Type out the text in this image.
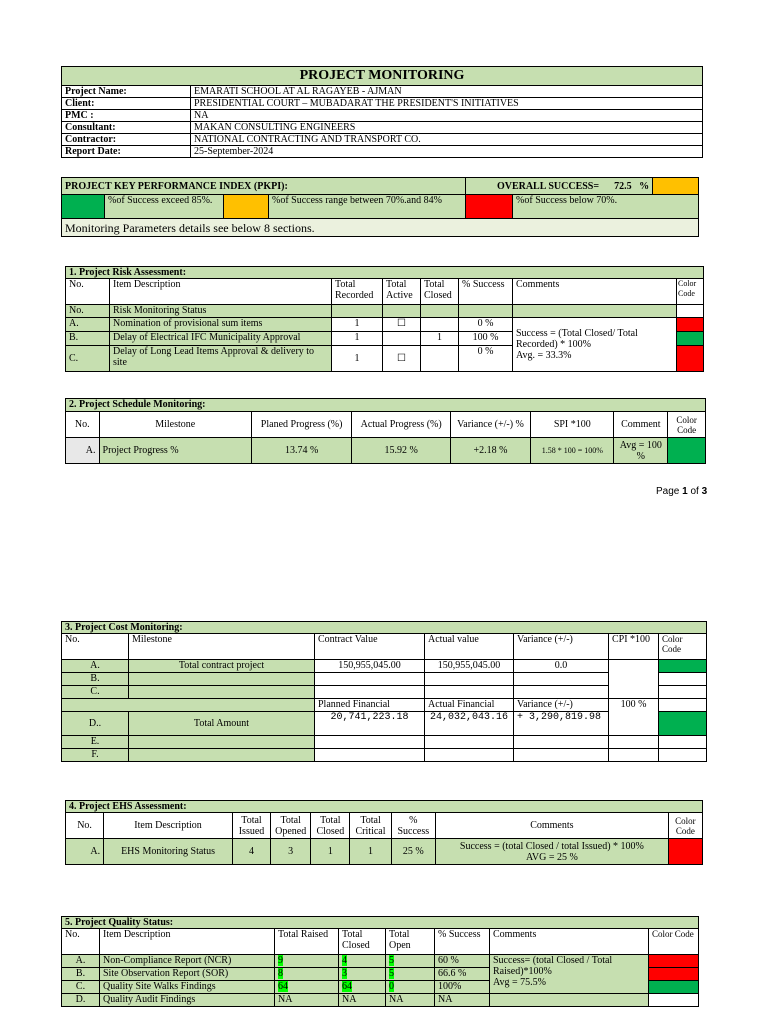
PROJECT MONITORING	
Project Name:	EMARATI SCHOOL AT AL RAGAYEB - AJMAN
Client:	PRESIDENTIAL COURT – MUBADARAT THE PRESIDENT'S INITIATIVES
PMC :	NA
Consultant:	MAKAN CONSULTING ENGINEERS
Contractor:	NATIONAL CONTRACTING AND TRANSPORT CO.
Report Date:	25-September-2024
PROJECT KEY PERFORMANCE INDEX (PKPI):				OVERALL SUCCESS= 72.5 %		
	%of Success exceed 85%.		%of Success range between 70%.and 84%		%of Success below 70%.	
Monitoring Parameters details see below 8 sections.						
1. Project Risk Assessment:							
No.	Item Description	Total Recorded	Total Active	Total Closed	% Success	Comments	Color Code
No.	Risk Monitoring Status						
A.	Nomination of provisional sum items	1	☐		0 %	Success = (Total Closed/ Total Recorded) * 100%
Avg. = 33.3%	

B.	Delay of Electrical IFC Municipality Approval	1		1	100 %		
C.	Delay of Long Lead Items Approval & delivery to site	1	☐		0 %		
2. Project Schedule Monitoring:							
No.	Milestone	Planed Progress (%)	Actual Progress (%)	Variance (+/-) %	SPI *100	Comment	Color Code
A.	Project Progress %	13.74 %	15.92 %	+2.18 %	1.58 * 100 = 100%	Avg = 100 %	
Page 1 of 3
3. Project Cost Monitoring:						
No.	Milestone	Contract Value	Actual value	Variance (+/-)	CPI *100	Color Code
A.	Total contract project	150,955,045.00	150,955,045.00	0.0		
B.						
C.						
		Planned Financial	Actual Financial	Variance (+/-)	100 %	
D..	Total Amount	20,741,223.18	24,032,043.16	+ 3,290,819.98		
E.						
F.						
4. Project EHS Assessment:								
No.	Item Description	Total Issued	Total Opened	Total Closed	Total Critical	% Success	Comments	Color Code
A.	EHS Monitoring Status	4	3	1	1	25 %	Success = (total Closed / total Issued) * 100%
AVG = 25 %	

5. Project Quality Status:							
No.	Item Description	Total Raised	Total Closed	Total Open	% Success	Comments	Color Code
A.	Non-Compliance Report (NCR)	9	4	5	60 %	Success= (total Closed / Total Raised)*100%
Avg = 75.5%	

B.	Site Observation Report (SOR)	8	3	5	66.6 %		
C.	Quality Site Walks Findings	64	64	0	100%		
D.	Quality Audit Findings	NA	NA	NA	NA		
